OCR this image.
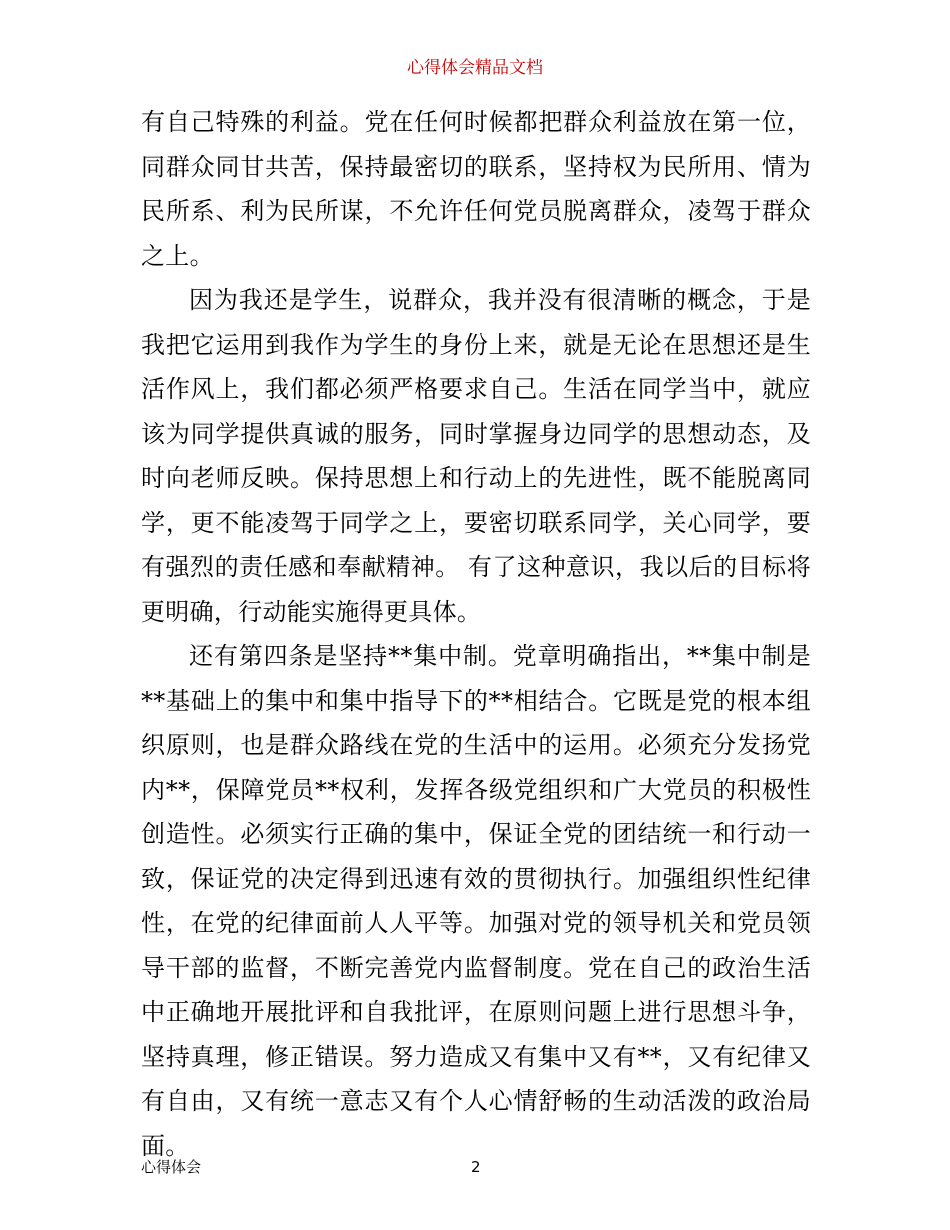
心得体会精品文档

有自己特殊的利益。党在任何时候都把群众利益放在第一位，同群众同甘共苦，保持最密切的联系，坚持权为民所用、情为民所系、利为民所谋，不允许任何党员脱离群众，凌驾于群众之上。

因为我还是学生，说群众，我并没有很清晰的概念，于是我把它运用到我作为学生的身份上来，就是无论在思想还是生活作风上，我们都必须严格要求自己。生活在同学当中，就应该为同学提供真诚的服务，同时掌握身边同学的思想动态，及时向老师反映。保持思想上和行动上的先进性，既不能脱离同学，更不能凌驾于同学之上，要密切联系同学，关心同学，要有强烈的责任感和奉献精神。 有了这种意识，我以后的目标将更明确，行动能实施得更具体。

还有第四条是坚持**集中制。党章明确指出，**集中制是**基础上的集中和集中指导下的**相结合。它既是党的根本组织原则，也是群众路线在党的生活中的运用。必须充分发扬党内**，保障党员**权利，发挥各级党组织和广大党员的积极性创造性。必须实行正确的集中，保证全党的团结统一和行动一致，保证党的决定得到迅速有效的贯彻执行。加强组织性纪律性，在党的纪律面前人人平等。加强对党的领导机关和党员领导干部的监督，不断完善党内监督制度。党在自己的政治生活中正确地开展批评和自我批评，在原则问题上进行思想斗争，坚持真理，修正错误。努力造成又有集中又有**，又有纪律又有自由，又有统一意志又有个人心情舒畅的生动活泼的政治局面。

心得体会	2
